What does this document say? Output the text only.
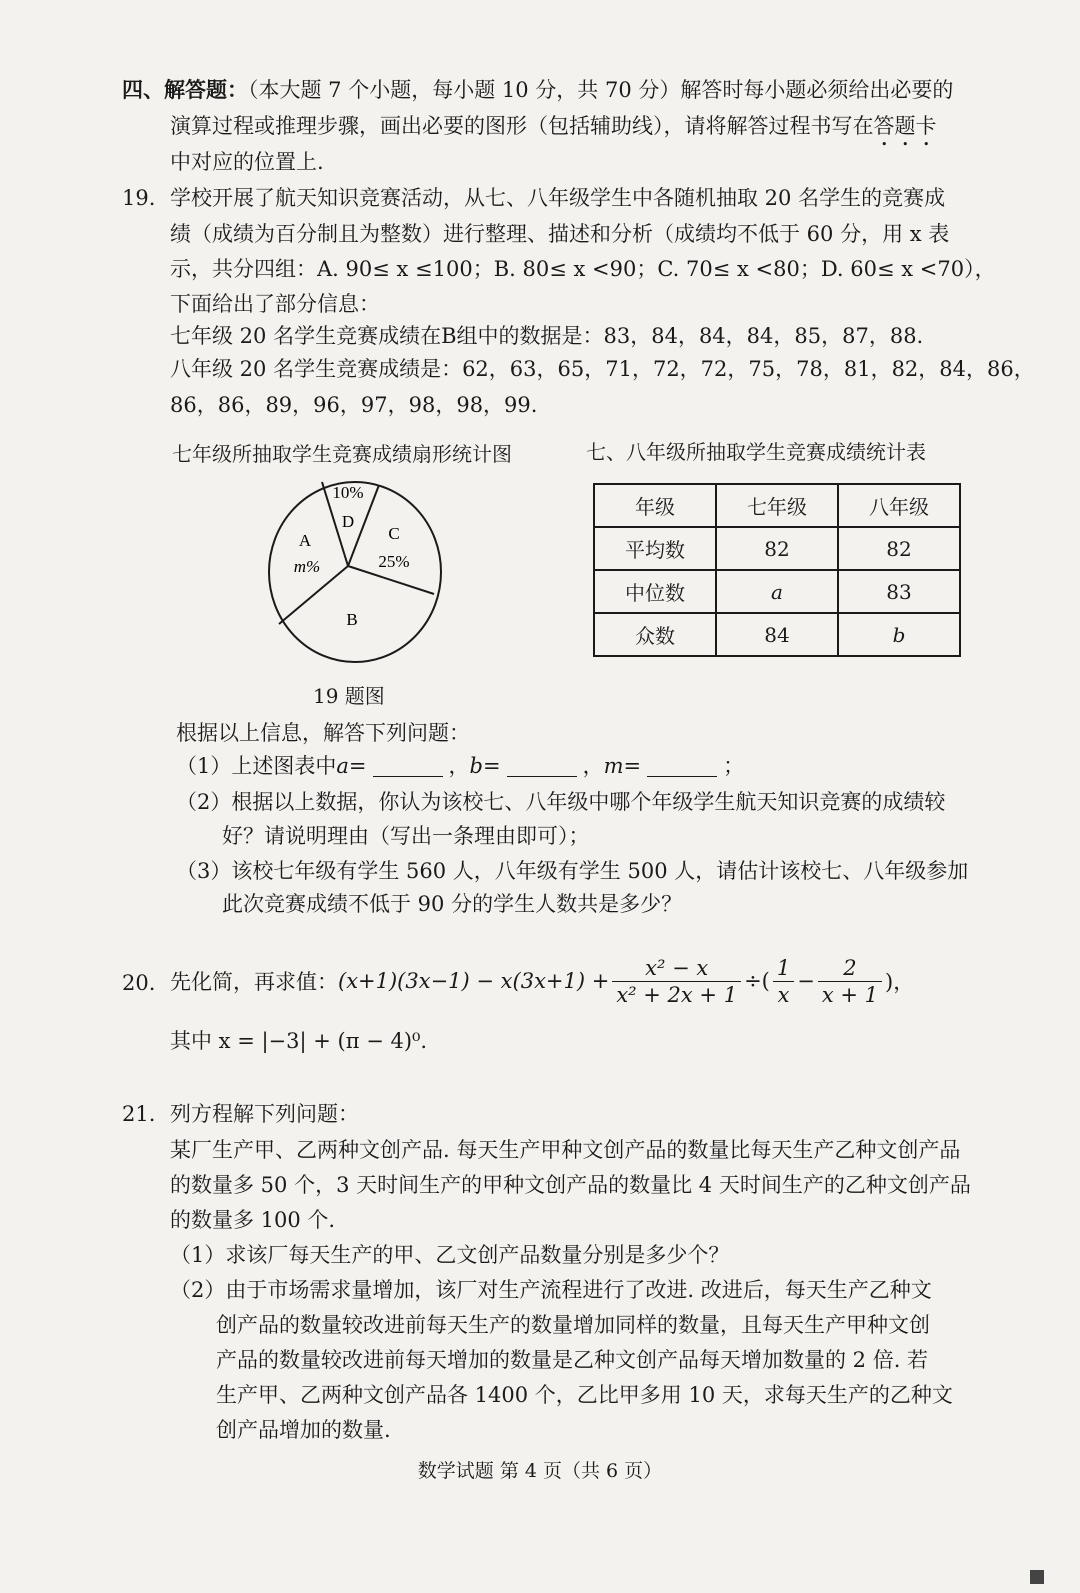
四、解答题：（本大题 7 个小题，每小题 10 分，共 70 分）解答时每小题必须给出必要的
演算过程或推理步骤，画出必要的图形（包括辅助线），请将解答过程书写在答题卡
中对应的位置上.
19. 学校开展了航天知识竞赛活动，从七、八年级学生中各随机抽取 20 名学生的竞赛成
绩（成绩为百分制且为整数）进行整理、描述和分析（成绩均不低于 60 分，用 x 表
示，共分四组：A. 90≤ x ≤100；B. 80≤ x <90；C. 70≤ x <80；D. 60≤ x <70），
下面给出了部分信息：
七年级 20 名学生竞赛成绩在B组中的数据是：83，84，84，84，85，87，88.
八年级 20 名学生竞赛成绩是：62，63，65，71，72，72，75，78，81，82，84，86，
86，86，89，96，97，98，98，99.
七年级所抽取学生竞赛成绩扇形统计图	七、八年级所抽取学生竞赛成绩统计表
10%
D
C
25%
A
m%
B
年级	七年级	八年级
平均数	82	82
中位数	a	83
众数	84	b
19 题图
根据以上信息，解答下列问题：
（1）上述图表中a=	，b=	，m=	；
（2）根据以上数据，你认为该校七、八年级中哪个年级学生航天知识竞赛的成绩较
好？请说明理由（写出一条理由即可）；
（3）该校七年级有学生 560 人，八年级有学生 500 人，请估计该校七、八年级参加
此次竞赛成绩不低于 90 分的学生人数共是多少？
20. 先化简，再求值： $(x+1)(3x-1) - x(3x+1) + \frac{\text{x² − x}}{\text{x² + 2x + 1}}$ ÷( $\frac{1}{x} - \frac{2}{x + 1}$ )，
其中 x = |−3| + (π − 4)⁰.
21. 列方程解下列问题：
某厂生产甲、乙两种文创产品. 每天生产甲种文创产品的数量比每天生产乙种文创产品
的数量多 50 个，3 天时间生产的甲种文创产品的数量比 4 天时间生产的乙种文创产品
的数量多 100 个.
（1）求该厂每天生产的甲、乙文创产品数量分别是多少个？
（2）由于市场需求量增加，该厂对生产流程进行了改进. 改进后，每天生产乙种文
创产品的数量较改进前每天生产的数量增加同样的数量，且每天生产甲种文创
产品的数量较改进前每天增加的数量是乙种文创产品每天增加数量的 2 倍. 若
生产甲、乙两种文创产品各 1400 个，乙比甲多用 10 天，求每天生产的乙种文
创产品增加的数量.
数学试题 第 4 页（共 6 页）
